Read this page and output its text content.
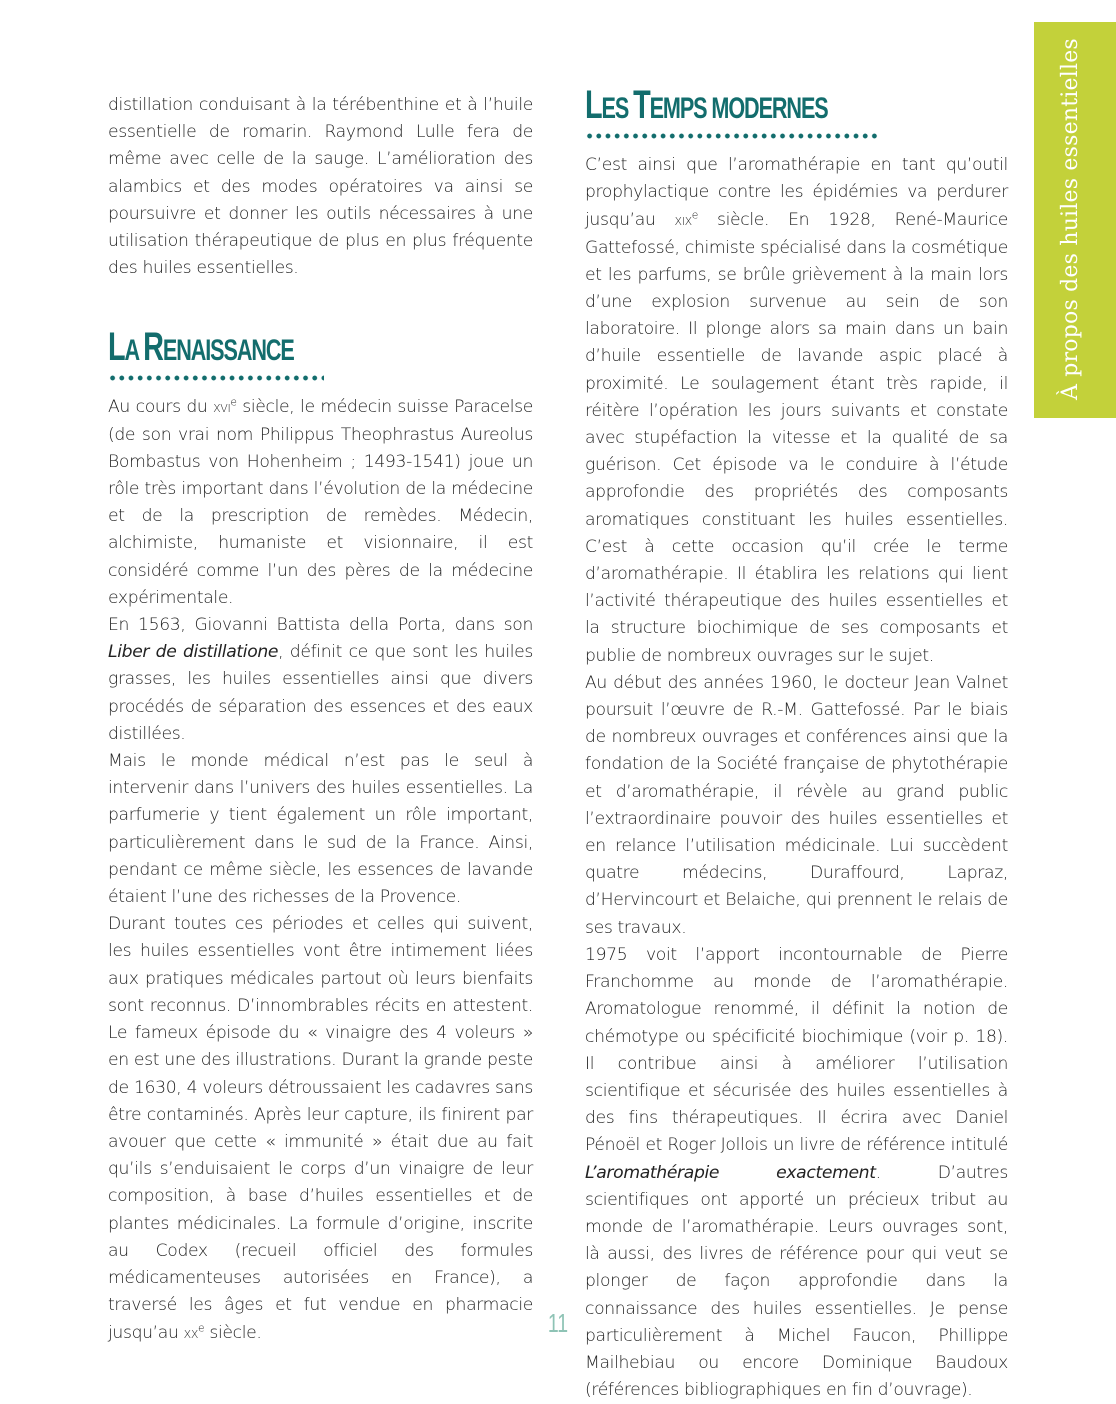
À propos des huiles essentielles

distillation conduisant à la térébenthine et à l’huile essentielle de romarin. Raymond Lulle fera de même avec celle de la sauge. L’amélioration des alambics et des modes opératoires va ainsi se poursuivre et donner les outils nécessaires à une utilisation thérapeutique de plus en plus fréquente des huiles essentielles.

LA RENAISSANCE

Au cours du xvi$^e$ siècle, le médecin suisse Paracelse (de son vrai nom Philippus Theophrastus Aureolus Bombastus von Hohenheim ; 1493-1541) joue un rôle très important dans l’évolution de la médecine et de la prescription de remèdes. Médecin, alchimiste, humaniste et visionnaire, il est considéré comme l’un des pères de la médecine expérimentale.

En 1563, Giovanni Battista della Porta, dans son Liber de distillatione, définit ce que sont les huiles grasses, les huiles essentielles ainsi que divers procédés de séparation des essences et des eaux distillées.

Mais le monde médical n’est pas le seul à intervenir dans l’univers des huiles essentielles. La parfumerie y tient également un rôle important, particulièrement dans le sud de la France. Ainsi, pendant ce même siècle, les essences de lavande étaient l’une des richesses de la Provence.

Durant toutes ces périodes et celles qui suivent, les huiles essentielles vont être intimement liées aux pratiques médicales partout où leurs bienfaits sont reconnus. D’innombrables récits en attestent. Le fameux épisode du « vinaigre des 4 voleurs » en est une des illustrations. Durant la grande peste de 1630, 4 voleurs détroussaient les cadavres sans être contaminés. Après leur capture, ils finirent par avouer que cette « immunité » était due au fait qu’ils s’enduisaient le corps d’un vinaigre de leur composition, à base d’huiles essentielles et de plantes médicinales. La formule d’origine, inscrite au Codex (recueil officiel des formules médicamenteuses autorisées en France), a traversé les âges et fut vendue en pharmacie jusqu’au $xx^e$ siècle.

LES TEMPS MODERNES

C’est ainsi que l’aromathérapie en tant qu’outil prophylactique contre les épidémies va perdurer jusqu’au xix$^e$ siècle. En 1928, René-Maurice Gattefossé, chimiste spécialisé dans la cosmétique et les parfums, se brûle grièvement à la main lors d’une explosion survenue au sein de son laboratoire. Il plonge alors sa main dans un bain d’huile essentielle de lavande aspic placé à proximité. Le soulagement étant très rapide, il réitère l’opération les jours suivants et constate avec stupéfaction la vitesse et la qualité de sa guérison. Cet épisode va le conduire à l’étude approfondie des propriétés des composants aromatiques constituant les huiles essentielles. C’est à cette occasion qu’il crée le terme d’aromathérapie. Il établira les relations qui lient l’activité thérapeutique des huiles essentielles et la structure biochimique de ses composants et publie de nombreux ouvrages sur le sujet.

Au début des années 1960, le docteur Jean Valnet poursuit l’œuvre de R.-M. Gattefossé. Par le biais de nombreux ouvrages et conférences ainsi que la fondation de la Société française de phytothérapie et d’aromathérapie, il révèle au grand public l’extraordinaire pouvoir des huiles essentielles et en relance l’utilisation médicinale. Lui succèdent quatre médecins, Duraffourd, Lapraz, d’Hervincourt et Belaiche, qui prennent le relais de ses travaux.

1975 voit l’apport incontournable de Pierre Franchomme au monde de l’aromathérapie. Aromatologue renommé, il définit la notion de chémotype ou spécificité biochimique (voir p. 18). Il contribue ainsi à améliorer l’utilisation scientifique et sécurisée des huiles essentielles à des fins thérapeutiques. Il écrira avec Daniel Pénoël et Roger Jollois un livre de référence intitulé L’aromathérapie exactement. D’autres scientifiques ont apporté un précieux tribut au monde de l’aromathérapie. Leurs ouvrages sont, là aussi, des livres de référence pour qui veut se plonger de façon approfondie dans la connaissance des huiles essentielles. Je pense particulièrement à Michel Faucon, Phillippe Mailhebiau ou encore Dominique Baudoux (références bibliographiques en fin d’ouvrage).

11
